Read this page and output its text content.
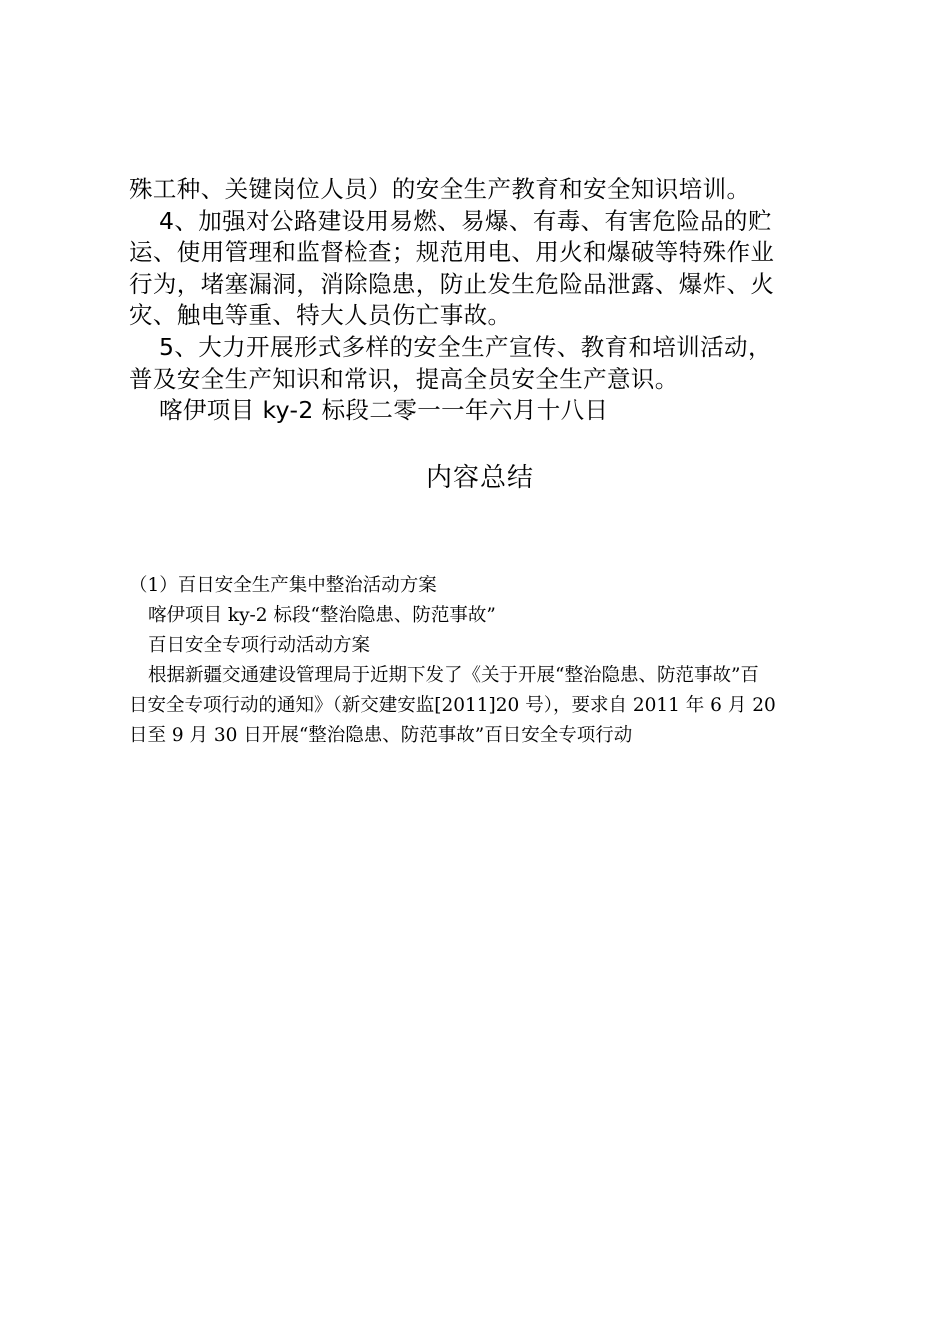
殊工种、关键岗位人员）的安全生产教育和安全知识培训。

4、加强对公路建设用易燃、易爆、有毒、有害危险品的贮

运、使用管理和监督检查；规范用电、用火和爆破等特殊作业

行为，堵塞漏洞，消除隐患，防止发生危险品泄露、爆炸、火

灾、触电等重、特大人员伤亡事故。

5、大力开展形式多样的安全生产宣传、教育和培训活动，

普及安全生产知识和常识，提高全员安全生产意识。

喀伊项目 ky-2 标段二零一一年六月十八日

内容总结

（1）百日安全生产集中整治活动方案

喀伊项目 ky-2 标段“整治隐患、防范事故”

百日安全专项行动活动方案

根据新疆交通建设管理局于近期下发了《关于开展“整治隐患、防范事故”百

日安全专项行动的通知》（新交建安监[2011]20 号），要求自 2011 年 6 月 20

日至 9 月 30 日开展“整治隐患、防范事故”百日安全专项行动
